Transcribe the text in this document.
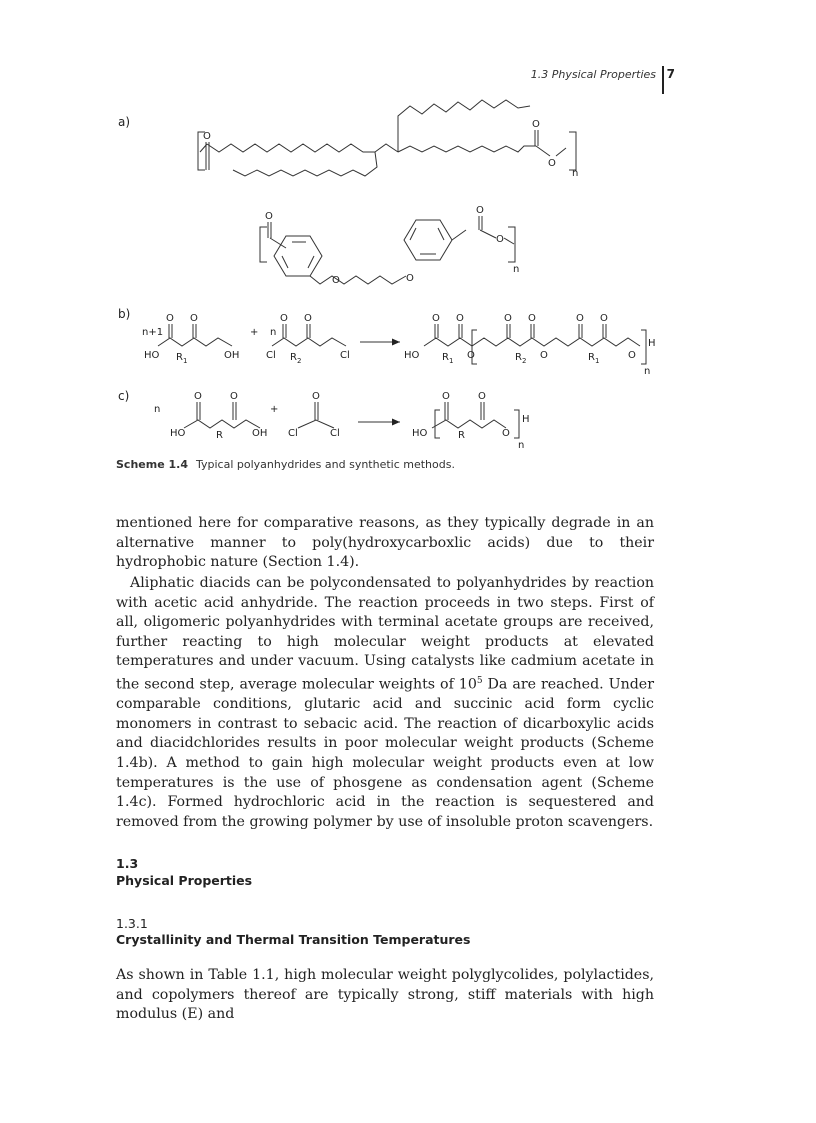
1.3 Physical Properties 7
a)
b)
c)
O
O
O
n
O
O	O
O
O
n
n+1	+ n
O O
HO $R_1$	OH
O O
Cl $R_2$	Cl	HO
O O
$R_1$ O
O O
$R_2$ O
O O
$R_1$	O
H
n
n
O	O
HO	R	OH
+
O
Cl	Cl	HO
O	O
R	O
H
n
Scheme 1.4 Typical polyanhydrides and synthetic methods.

mentioned here for comparative reasons, as they typically degrade in an alternative manner to poly(hydroxycarboxlic acids) due to their hydrophobic nature (Section 1.4).

Aliphatic diacids can be polycondensated to polyanhydrides by reaction with acetic acid anhydride. The reaction proceeds in two steps. First of all, oligomeric polyanhydrides with terminal acetate groups are received, further reacting to high molecular weight products at elevated temperatures and under vacuum. Using catalysts like cadmium acetate in the second step, average molecular weights of $10^5$ Da are reached. Under comparable conditions, glutaric acid and succinic acid form cyclic monomers in contrast to sebacic acid. The reaction of dicarboxylic acids and diacidchlorides results in poor molecular weight products (Scheme 1.4b). A method to gain high molecular weight products even at low temperatures is the use of phosgene as condensation agent (Scheme 1.4c). Formed hydrochloric acid in the reaction is sequestered and removed from the growing polymer by use of insoluble proton scavengers.

1.3
Physical Properties
1.3.1
Crystallinity and Thermal Transition Temperatures

As shown in Table 1.1, high molecular weight polyglycolides, polylactides, and copolymers thereof are typically strong, stiff materials with high modulus (E) and
